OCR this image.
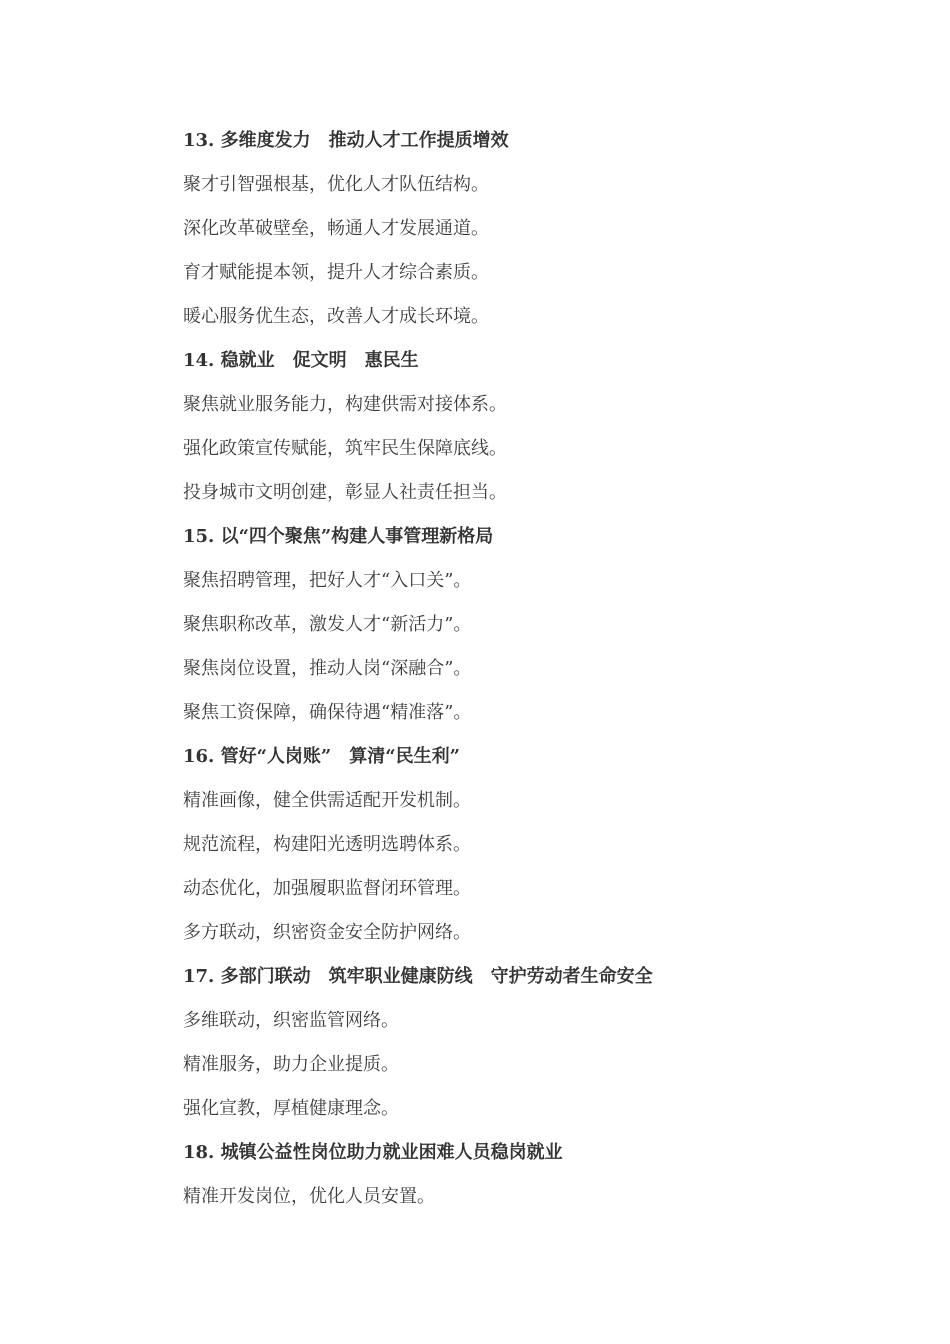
13. 多维度发力　推动人才工作提质增效

聚才引智强根基，优化人才队伍结构。

深化改革破壁垒，畅通人才发展通道。

育才赋能提本领，提升人才综合素质。

暖心服务优生态，改善人才成长环境。

14. 稳就业　促文明　惠民生

聚焦就业服务能力，构建供需对接体系。

强化政策宣传赋能，筑牢民生保障底线。

投身城市文明创建，彰显人社责任担当。

15. 以“四个聚焦”构建人事管理新格局

聚焦招聘管理，把好人才“入口关”。

聚焦职称改革，激发人才“新活力”。

聚焦岗位设置，推动人岗“深融合”。

聚焦工资保障，确保待遇“精准落”。

16. 管好“人岗账”　算清“民生利”

精准画像，健全供需适配开发机制。

规范流程，构建阳光透明选聘体系。

动态优化，加强履职监督闭环管理。

多方联动，织密资金安全防护网络。

17. 多部门联动　筑牢职业健康防线　守护劳动者生命安全

多维联动，织密监管网络。

精准服务，助力企业提质。

强化宣教，厚植健康理念。

18. 城镇公益性岗位助力就业困难人员稳岗就业

精准开发岗位，优化人员安置。
